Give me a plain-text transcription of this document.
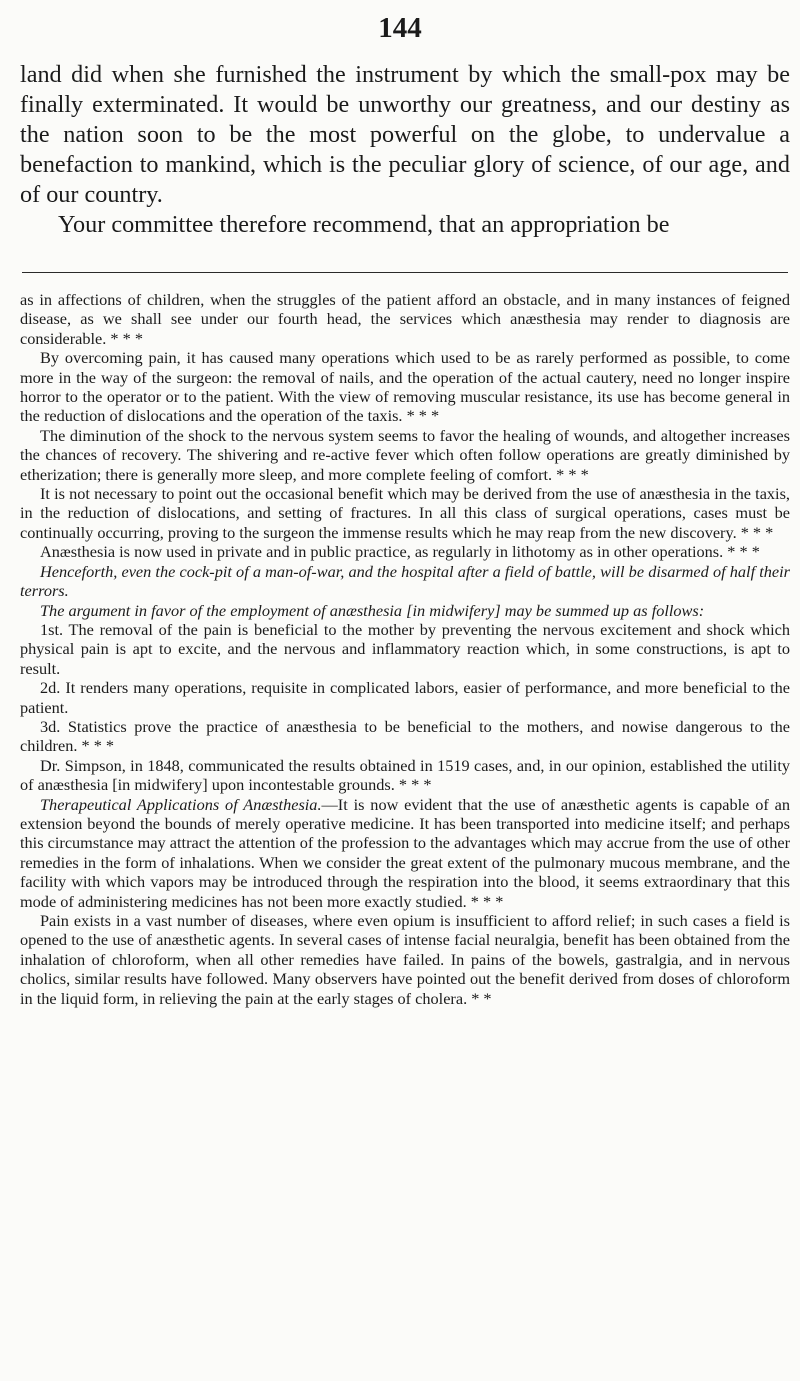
144

land did when she furnished the instrument by which the small-pox may be finally exterminated. It would be unworthy our greatness, and our destiny as the nation soon to be the most powerful on the globe, to undervalue a benefaction to mankind, which is the peculiar glory of science, of our age, and of our country.

Your committee therefore recommend, that an appropriation be

as in affections of children, when the struggles of the patient afford an obstacle, and in many instances of feigned disease, as we shall see under our fourth head, the services which anæsthesia may render to diagnosis are considerable. * * *

By overcoming pain, it has caused many operations which used to be as rarely performed as possible, to come more in the way of the surgeon: the removal of nails, and the operation of the actual cautery, need no longer inspire horror to the operator or to the patient. With the view of removing muscular resistance, its use has become general in the reduction of dislocations and the operation of the taxis. * * *

The diminution of the shock to the nervous system seems to favor the healing of wounds, and altogether increases the chances of recovery. The shivering and re-active fever which often follow operations are greatly diminished by etherization; there is generally more sleep, and more complete feeling of comfort. * * *

It is not necessary to point out the occasional benefit which may be derived from the use of anæsthesia in the taxis, in the reduction of dislocations, and setting of fractures. In all this class of surgical operations, cases must be continually occurring, proving to the surgeon the immense results which he may reap from the new discovery. * * *

Anæsthesia is now used in private and in public practice, as regularly in lithotomy as in other operations. * * *

Henceforth, even the cock-pit of a man-of-war, and the hospital after a field of battle, will be disarmed of half their terrors.

The argument in favor of the employment of anæsthesia [in midwifery] may be summed up as follows:

1st. The removal of the pain is beneficial to the mother by preventing the nervous excitement and shock which physical pain is apt to excite, and the nervous and inflammatory reaction which, in some constructions, is apt to result.

2d. It renders many operations, requisite in complicated labors, easier of performance, and more beneficial to the patient.

3d. Statistics prove the practice of anæsthesia to be beneficial to the mothers, and nowise dangerous to the children. * * *

Dr. Simpson, in 1848, communicated the results obtained in 1519 cases, and, in our opinion, established the utility of anæsthesia [in midwifery] upon incontestable grounds. * * *

Therapeutical Applications of Anæsthesia.—It is now evident that the use of anæsthetic agents is capable of an extension beyond the bounds of merely operative medicine. It has been transported into medicine itself; and perhaps this circumstance may attract the attention of the profession to the advantages which may accrue from the use of other remedies in the form of inhalations. When we consider the great extent of the pulmonary mucous membrane, and the facility with which vapors may be introduced through the respiration into the blood, it seems extraordinary that this mode of administering medicines has not been more exactly studied. * * *

Pain exists in a vast number of diseases, where even opium is insufficient to afford relief; in such cases a field is opened to the use of anæsthetic agents. In several cases of intense facial neuralgia, benefit has been obtained from the inhalation of chloroform, when all other remedies have failed. In pains of the bowels, gastralgia, and in nervous cholics, similar results have followed. Many observers have pointed out the benefit derived from doses of chloroform in the liquid form, in relieving the pain at the early stages of cholera. * *
